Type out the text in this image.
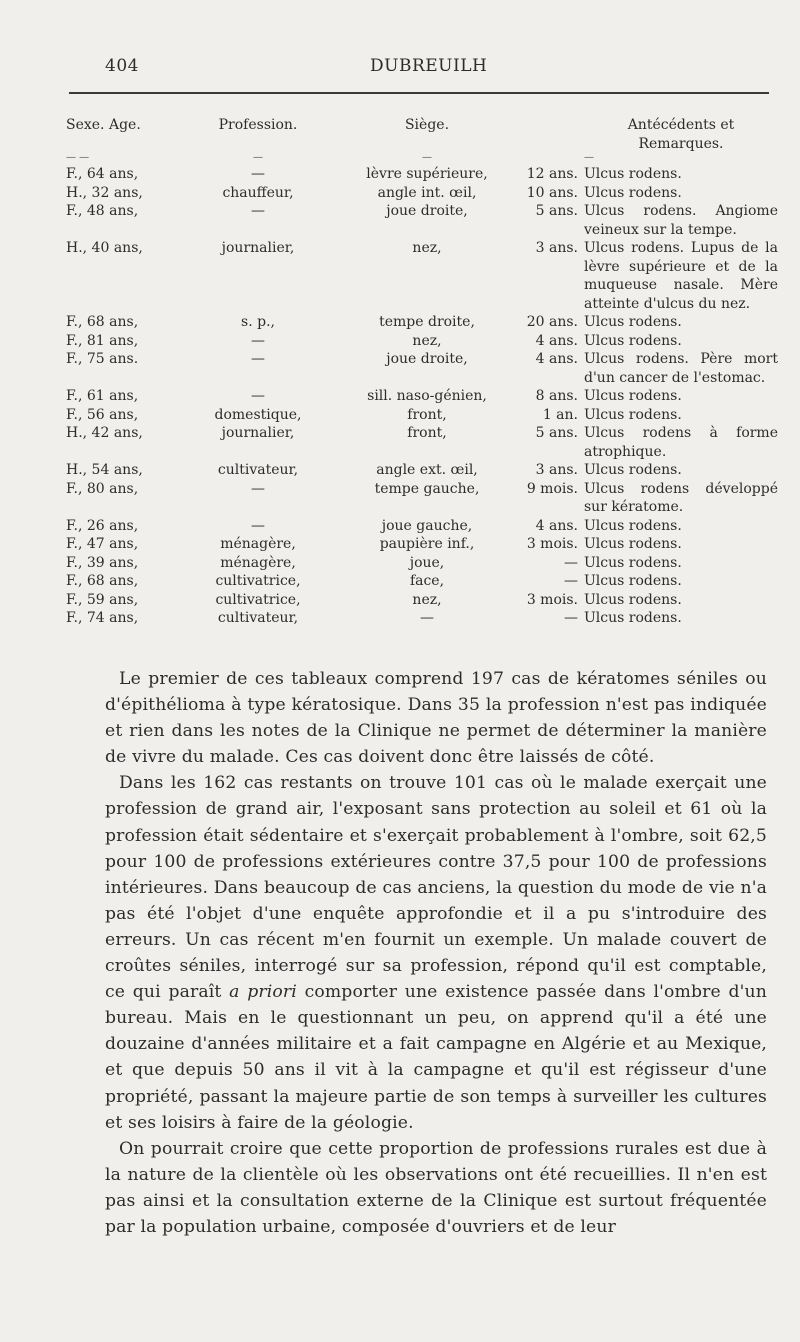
404	DUBREUILH
Sexe. Age.	Profession.	Siège.		Antécédents et Remarques.
— —	—	—		—
F., 64 ans,	—	lèvre supérieure,	12 ans.	Ulcus rodens.
H., 32 ans,	chauffeur,	angle int. œil,	10 ans.	Ulcus rodens.
F., 48 ans,	—	joue droite,	5 ans.	Ulcus rodens. Angiome veineux sur la tempe.
H., 40 ans,	journalier,	nez,	3 ans.	Ulcus rodens. Lupus de la lèvre supérieure et de la muqueuse nasale. Mère atteinte d'ulcus du nez.
F., 68 ans,	s. p.,	tempe droite,	20 ans.	Ulcus rodens.
F., 81 ans,	—	nez,	4 ans.	Ulcus rodens.
F., 75 ans.	—	joue droite,	4 ans.	Ulcus rodens. Père mort d'un cancer de l'estomac.
F., 61 ans,	—	sill. naso-génien,	8 ans.	Ulcus rodens.
F., 56 ans,	domestique,	front,	1 an.	Ulcus rodens.
H., 42 ans,	journalier,	front,	5 ans.	Ulcus rodens à forme atrophique.
H., 54 ans,	cultivateur,	angle ext. œil,	3 ans.	Ulcus rodens.
F., 80 ans,	—	tempe gauche,	9 mois.	Ulcus rodens développé sur kératome.
F., 26 ans,	—	joue gauche,	4 ans.	Ulcus rodens.
F., 47 ans,	ménagère,	paupière inf.,	3 mois.	Ulcus rodens.
F., 39 ans,	ménagère,	joue,	—	Ulcus rodens.
F., 68 ans,	cultivatrice,	face,	—	Ulcus rodens.
F., 59 ans,	cultivatrice,	nez,	3 mois.	Ulcus rodens.
F., 74 ans,	cultivateur,	—	—	Ulcus rodens.

Le premier de ces tableaux comprend 197 cas de kératomes séniles ou d'épithélioma à type kératosique. Dans 35 la profession n'est pas indiquée et rien dans les notes de la Clinique ne permet de déterminer la manière de vivre du malade. Ces cas doivent donc être laissés de côté.

Dans les 162 cas restants on trouve 101 cas où le malade exerçait une profession de grand air, l'exposant sans protection au soleil et 61 où la profession était sédentaire et s'exerçait probablement à l'ombre, soit 62,5 pour 100 de professions extérieures contre 37,5 pour 100 de professions intérieures. Dans beaucoup de cas anciens, la question du mode de vie n'a pas été l'objet d'une enquête approfondie et il a pu s'introduire des erreurs. Un cas récent m'en fournit un exemple. Un malade couvert de croûtes séniles, interrogé sur sa profession, répond qu'il est comptable, ce qui paraît a priori comporter une existence passée dans l'ombre d'un bureau. Mais en le questionnant un peu, on apprend qu'il a été une douzaine d'années militaire et a fait campagne en Algérie et au Mexique, et que depuis 50 ans il vit à la campagne et qu'il est régisseur d'une propriété, passant la majeure partie de son temps à surveiller les cultures et ses loisirs à faire de la géologie.

On pourrait croire que cette proportion de professions rurales est due à la nature de la clientèle où les observations ont été recueillies. Il n'en est pas ainsi et la consultation externe de la Clinique est surtout fréquentée par la population urbaine, composée d'ouvriers et de leur
